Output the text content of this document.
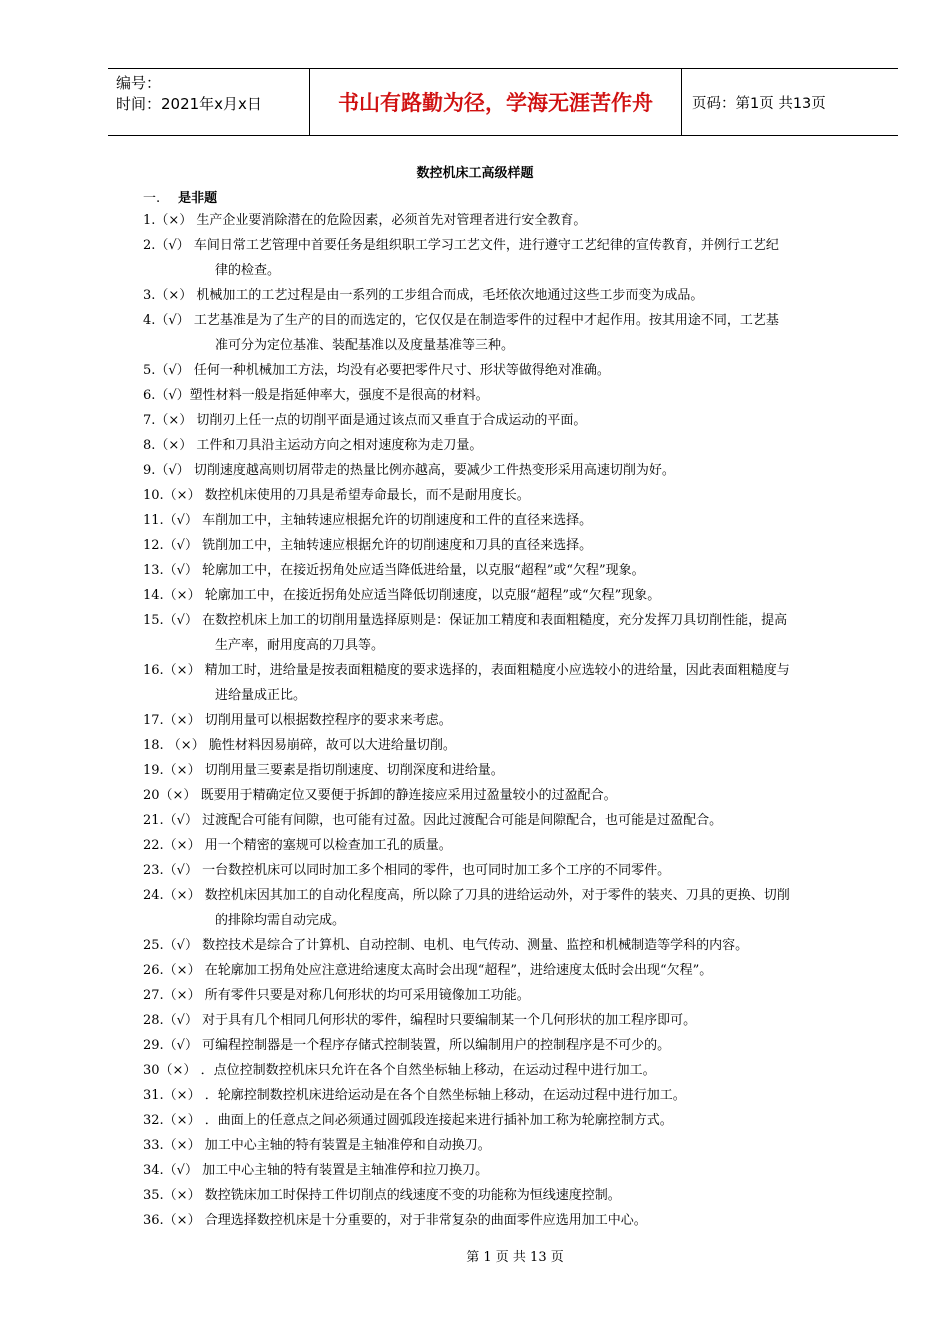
编号：
时间：2021年x月x日	书山有路勤为径，学海无涯苦作舟	页码：第1页 共13页
数控机床工高级样题
一. 是非题
1.（×） 生产企业要消除潜在的危险因素，必须首先对管理者进行安全教育。
2.（√） 车间日常工艺管理中首要任务是组织职工学习工艺文件，进行遵守工艺纪律的宣传教育，并例行工艺纪
律的检查。
3.（×） 机械加工的工艺过程是由一系列的工步组合而成，毛坯依次地通过这些工步而变为成品。
4.（√） 工艺基准是为了生产的目的而选定的，它仅仅是在制造零件的过程中才起作用。按其用途不同，工艺基
准可分为定位基准、装配基准以及度量基准等三种。
5.（√） 任何一种机械加工方法，均没有必要把零件尺寸、形状等做得绝对准确。
6.（√）塑性材料一般是指延伸率大，强度不是很高的材料。
7.（×） 切削刃上任一点的切削平面是通过该点而又垂直于合成运动的平面。
8.（×） 工件和刀具沿主运动方向之相对速度称为走刀量。
9.（√） 切削速度越高则切屑带走的热量比例亦越高，要减少工件热变形采用高速切削为好。
10.（×） 数控机床使用的刀具是希望寿命最长，而不是耐用度长。
11.（√） 车削加工中，主轴转速应根据允许的切削速度和工件的直径来选择。
12.（√） 铣削加工中，主轴转速应根据允许的切削速度和刀具的直径来选择。
13.（√） 轮廓加工中，在接近拐角处应适当降低进给量，以克服“超程”或“欠程”现象。
14.（×） 轮廓加工中，在接近拐角处应适当降低切削速度，以克服“超程”或“欠程”现象。
15.（√） 在数控机床上加工的切削用量选择原则是：保证加工精度和表面粗糙度，充分发挥刀具切削性能，提高
生产率，耐用度高的刀具等。
16.（×） 精加工时，进给量是按表面粗糙度的要求选择的，表面粗糙度小应选较小的进给量，因此表面粗糙度与
进给量成正比。
17.（×） 切削用量可以根据数控程序的要求来考虑。
18. （×） 脆性材料因易崩碎，故可以大进给量切削。
19.（×） 切削用量三要素是指切削速度、切削深度和进给量。
20（×） 既要用于精确定位又要便于拆卸的静连接应采用过盈量较小的过盈配合。
21.（√） 过渡配合可能有间隙，也可能有过盈。因此过渡配合可能是间隙配合，也可能是过盈配合。
22.（×） 用一个精密的塞规可以检查加工孔的质量。
23.（√） 一台数控机床可以同时加工多个相同的零件，也可同时加工多个工序的不同零件。
24.（×） 数控机床因其加工的自动化程度高，所以除了刀具的进给运动外，对于零件的装夹、刀具的更换、切削
的排除均需自动完成。
25.（√） 数控技术是综合了计算机、自动控制、电机、电气传动、测量、监控和机械制造等学科的内容。
26.（×） 在轮廓加工拐角处应注意进给速度太高时会出现“超程”，进给速度太低时会出现“欠程”。
27.（×） 所有零件只要是对称几何形状的均可采用镜像加工功能。
28.（√） 对于具有几个相同几何形状的零件，编程时只要编制某一个几何形状的加工程序即可。
29.（√） 可编程控制器是一个程序存储式控制装置，所以编制用户的控制程序是不可少的。
30（×） ．点位控制数控机床只允许在各个自然坐标轴上移动，在运动过程中进行加工。
31.（×） ．轮廓控制数控机床进给运动是在各个自然坐标轴上移动，在运动过程中进行加工。
32.（×） ．曲面上的任意点之间必须通过圆弧段连接起来进行插补加工称为轮廓控制方式。
33.（×） 加工中心主轴的特有装置是主轴准停和自动换刀。
34.（√） 加工中心主轴的特有装置是主轴准停和拉刀换刀。
35.（×） 数控铣床加工时保持工件切削点的线速度不变的功能称为恒线速度控制。
36.（×） 合理选择数控机床是十分重要的，对于非常复杂的曲面零件应选用加工中心。
第 1 页 共 13 页
